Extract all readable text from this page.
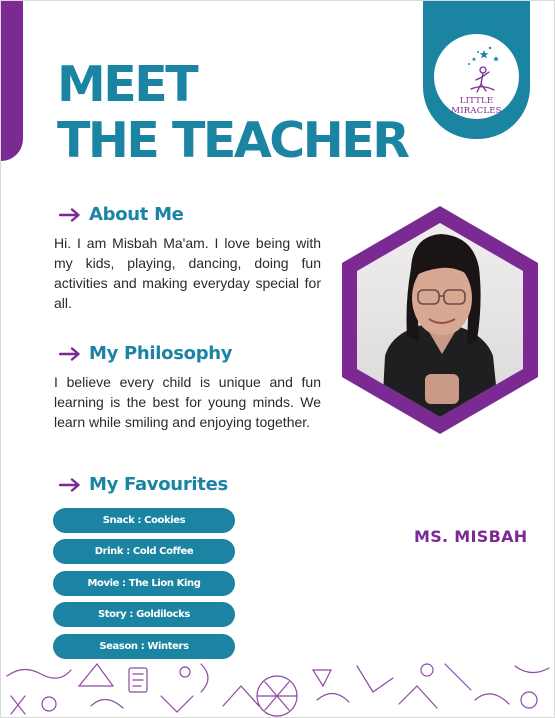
LITTLE MIRACLES
MEET
THE TEACHER
About Me

Hi. I am Misbah Ma'am. I love being with my kids, playing, dancing, doing fun activities and making everyday special for all.

My Philosophy

I believe every child is unique and fun learning is the best for young minds. We learn while smiling and enjoying together.

My Favourites
Snack : Cookies
Drink : Cold Coffee
Movie : The Lion King
Story : Goldilocks
Season : Winters
MS. MISBAH
